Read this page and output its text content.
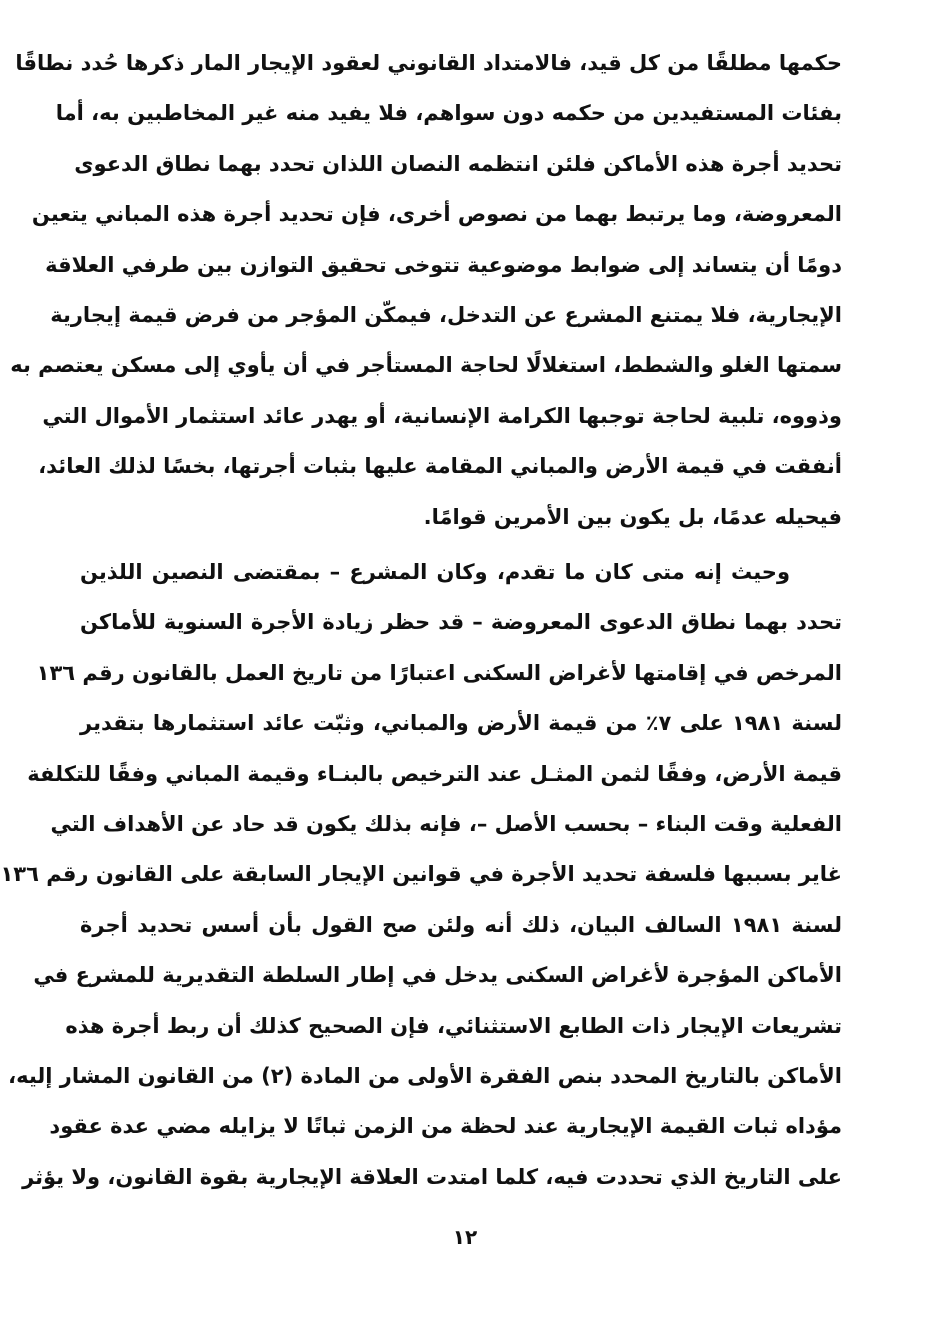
حكمها مطلقًا من كل قيد، فالامتداد القانوني لعقود الإيجار المار ذكرها حُدد نطاقًا
بفئات المستفيدين من حكمه دون سواهم، فلا يفيد منه غير المخاطبين به، أما
تحديد أجرة هذه الأماكن فلئن انتظمه النصان اللذان تحدد بهما نطاق الدعوى
المعروضة، وما يرتبط بهما من نصوص أخرى، فإن تحديد أجرة هذه المباني يتعين
دومًا أن يتساند إلى ضوابط موضوعية تتوخى تحقيق التوازن بين طرفي العلاقة
الإيجارية، فلا يمتنع المشرع عن التدخل، فيمكّن المؤجر من فرض قيمة إيجارية
سمتها الغلو والشطط، استغلالًا لحاجة المستأجر في أن يأوي إلى مسكن يعتصم به
وذووه، تلبية لحاجة توجبها الكرامة الإنسانية، أو يهدر عائد استثمار الأموال التي
أنفقت في قيمة الأرض والمباني المقامة عليها بثبات أجرتها، بخسًا لذلك العائد،
فيحيله عدمًا، بل يكون بين الأمرين قوامًا.
وحيث إنه متى كان ما تقدم، وكان المشرع – بمقتضى النصين اللذين
تحدد بهما نطاق الدعوى المعروضة – قد حظر زيادة الأجرة السنوية للأماكن
المرخص في إقامتها لأغراض السكنى اعتبارًا من تاريخ العمل بالقانون رقم ١٣٦
لسنة ١٩٨١ على ٧٪ من قيمة الأرض والمباني، وثبّت عائد استثمارها بتقدير
قيمة الأرض، وفقًا لثمن المثـل عند الترخيص بالبنـاء وقيمة المباني وفقًا للتكلفة
الفعلية وقت البناء – بحسب الأصل –، فإنه بذلك يكون قد حاد عن الأهداف التي
غاير بسببها فلسفة تحديد الأجرة في قوانين الإيجار السابقة على القانون رقم ١٣٦
لسنة ١٩٨١ السالف البيان، ذلك أنه ولئن صح القول بأن أسس تحديد أجرة
الأماكن المؤجرة لأغراض السكنى يدخل في إطار السلطة التقديرية للمشرع في
تشريعات الإيجار ذات الطابع الاستثنائي، فإن الصحيح كذلك أن ربط أجرة هذه
الأماكن بالتاريخ المحدد بنص الفقرة الأولى من المادة (٢) من القانون المشار إليه،
مؤداه ثبات القيمة الإيجارية عند لحظة من الزمن ثباتًا لا يزايله مضي عدة عقود
على التاريخ الذي تحددت فيه، كلما امتدت العلاقة الإيجارية بقوة القانون، ولا يؤثر
١٢
